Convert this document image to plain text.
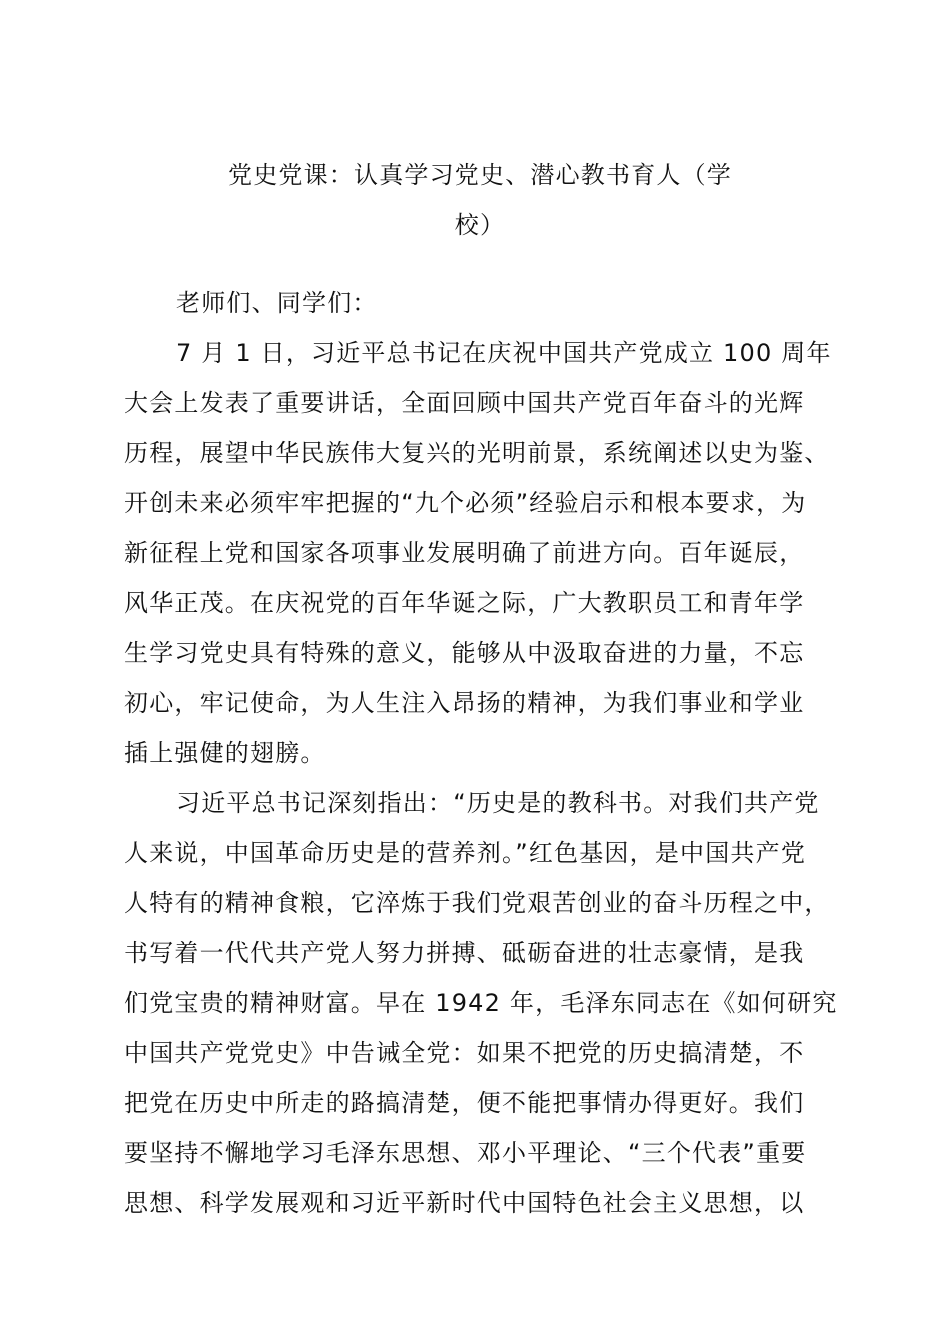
党史党课：认真学习党史、潜心教书育人（学
校）
老师们、同学们：
7 月 1 日，习近平总书记在庆祝中国共产党成立 100 周年
大会上发表了重要讲话，全面回顾中国共产党百年奋斗的光辉
历程，展望中华民族伟大复兴的光明前景，系统阐述以史为鉴、
开创未来必须牢牢把握的“九个必须”经验启示和根本要求，为
新征程上党和国家各项事业发展明确了前进方向。百年诞辰，
风华正茂。在庆祝党的百年华诞之际，广大教职员工和青年学
生学习党史具有特殊的意义，能够从中汲取奋进的力量，不忘
初心，牢记使命，为人生注入昂扬的精神，为我们事业和学业
插上强健的翅膀。
习近平总书记深刻指出：“历史是的教科书。对我们共产党
人来说，中国革命历史是的营养剂。”红色基因，是中国共产党
人特有的精神食粮，它淬炼于我们党艰苦创业的奋斗历程之中，
书写着一代代共产党人努力拼搏、砥砺奋进的壮志豪情，是我
们党宝贵的精神财富。早在 1942 年，毛泽东同志在《如何研究
中国共产党党史》中告诫全党：如果不把党的历史搞清楚，不
把党在历史中所走的路搞清楚，便不能把事情办得更好。我们
要坚持不懈地学习毛泽东思想、邓小平理论、“三个代表”重要
思想、科学发展观和习近平新时代中国特色社会主义思想，以
